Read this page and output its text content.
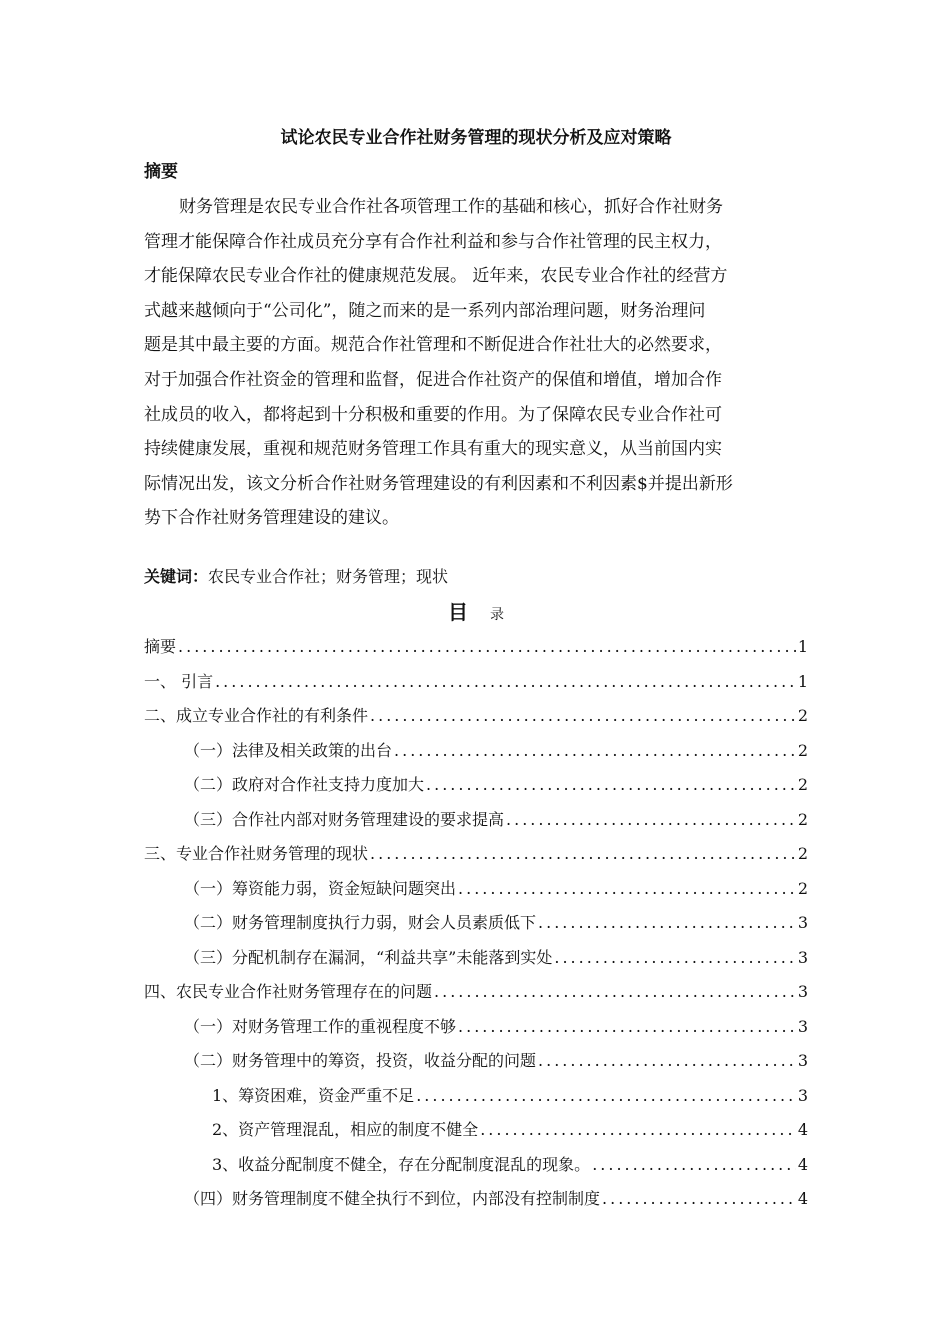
试论农民专业合作社财务管理的现状分析及应对策略
摘要
财务管理是农民专业合作社各项管理工作的基础和核心，抓好合作社财务
管理才能保障合作社成员充分享有合作社利益和参与合作社管理的民主权力，
才能保障农民专业合作社的健康规范发展。 近年来，农民专业合作社的经营方
式越来越倾向于“公司化”，随之而来的是一系列内部治理问题，财务治理问
题是其中最主要的方面。规范合作社管理和不断促进合作社壮大的必然要求，
对于加强合作社资金的管理和监督，促进合作社资产的保值和增值，增加合作
社成员的收入，都将起到十分积极和重要的作用。为了保障农民专业合作社可
持续健康发展，重视和规范财务管理工作具有重大的现实意义，从当前国内实
际情况出发，该文分析合作社财务管理建设的有利因素和不利因素$并提出新形
势下合作社财务管理建设的建议。
关键词：农民专业合作社；财务管理；现状
目 录
摘要 .....	1
一、 引言 .....	1
二、成立专业合作社的有利条件 .....	2
（一）法律及相关政策的出台 .....	2
（二）政府对合作社支持力度加大 .....	2
（三）合作社内部对财务管理建设的要求提高 .....	2
三、专业合作社财务管理的现状 .....	2
（一）筹资能力弱，资金短缺问题突出 .....	2
（二）财务管理制度执行力弱，财会人员素质低下 .....	3
（三）分配机制存在漏洞，“利益共享”未能落到实处 .....	3
四、农民专业合作社财务管理存在的问题 .....	3
（一）对财务管理工作的重视程度不够 .....	3
（二）财务管理中的筹资，投资，收益分配的问题 .....	3
1、筹资困难，资金严重不足 .....	3
2、资产管理混乱，相应的制度不健全 .....	4
3、收益分配制度不健全，存在分配制度混乱的现象。 .....	4
（四）财务管理制度不健全执行不到位，内部没有控制制度 .....	4
